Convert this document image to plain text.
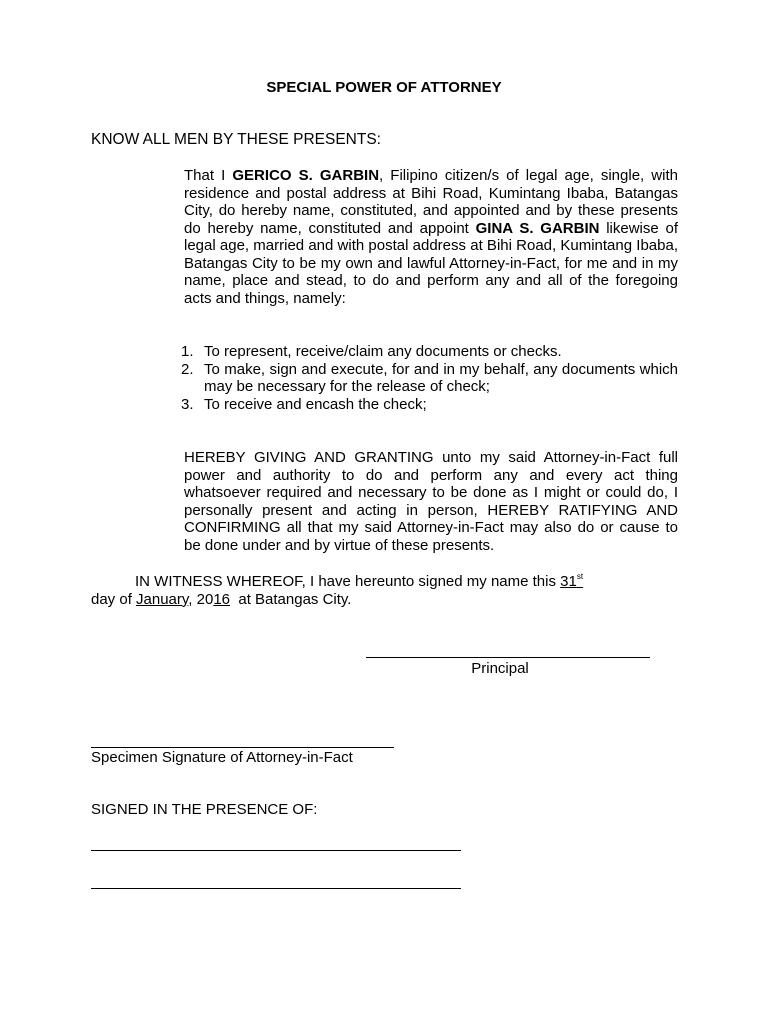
SPECIAL POWER OF ATTORNEY
KNOW ALL MEN BY THESE PRESENTS:
That I GERICO S. GARBIN, Filipino citizen/s of legal age, single, with residence and postal address at Bihi Road, Kumintang Ibaba, Batangas City, do hereby name, constituted, and appointed and by these presents do hereby name, constituted and appoint GINA S. GARBIN likewise of legal age, married and with postal address at Bihi Road, Kumintang Ibaba, Batangas City to be my own and lawful Attorney-in-Fact, for me and in my name, place and stead, to do and perform any and all of the foregoing acts and things, namely:
1. To represent, receive/claim any documents or checks.
2. To make, sign and execute, for and in my behalf, any documents which may be necessary for the release of check;
3. To receive and encash the check;
HEREBY GIVING AND GRANTING unto my said Attorney-in-Fact full power and authority to do and perform any and every act thing whatsoever required and necessary to be done as I might or could do, I personally present and acting in person, HEREBY RATIFYING AND CONFIRMING all that my said Attorney-in-Fact may also do or cause to be done under and by virtue of these presents.
IN WITNESS WHEREOF, I have hereunto signed my name this 31st
day of January, 2016  at Batangas City.
Principal
Specimen Signature of Attorney-in-Fact
SIGNED IN THE PRESENCE OF:
